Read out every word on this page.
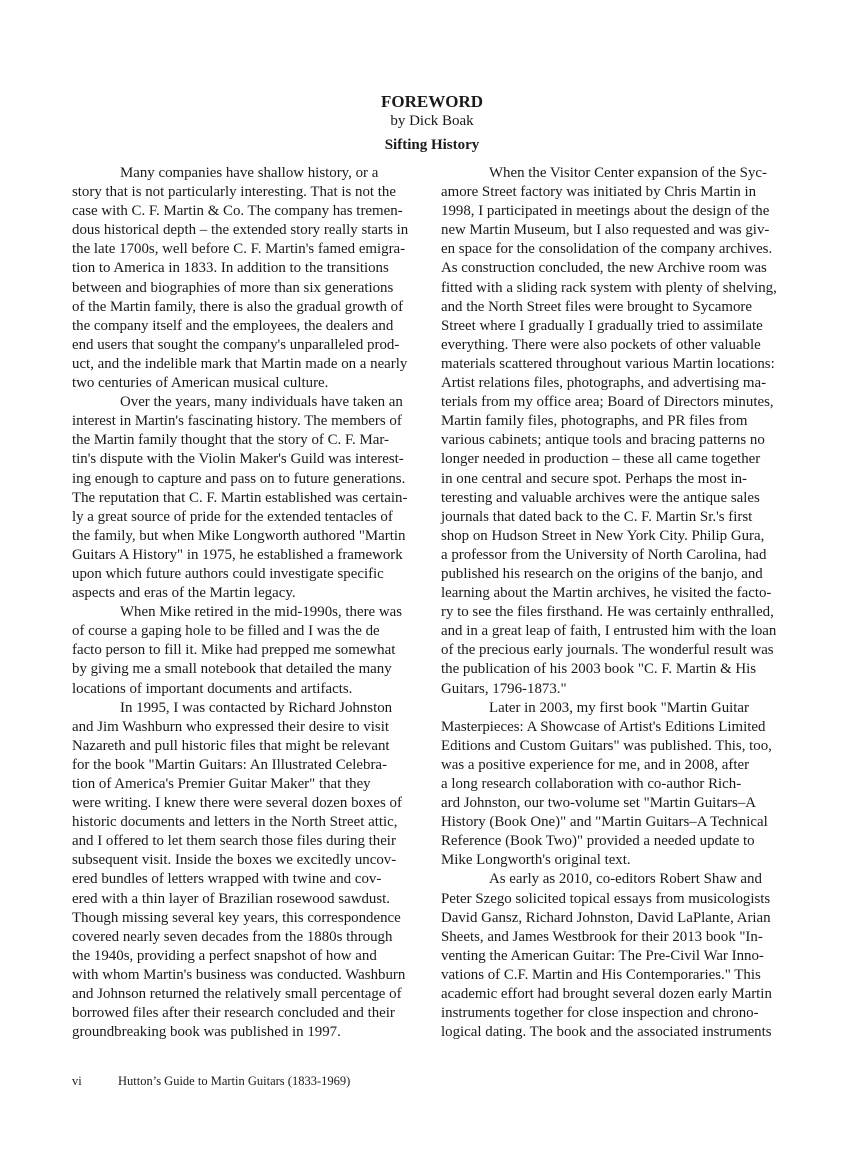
FOREWORD
by Dick Boak
Sifting History

Many companies have shallow history, or a
story that is not particularly interesting. That is not the
case with C. F. Martin & Co. The company has tremen-
dous historical depth – the extended story really starts in
the late 1700s, well before C. F. Martin's famed emigra-
tion to America in 1833. In addition to the transitions
between and biographies of more than six generations
of the Martin family, there is also the gradual growth of
the company itself and the employees, the dealers and
end users that sought the company's unparalleled prod-
uct, and the indelible mark that Martin made on a nearly
two centuries of American musical culture.

Over the years, many individuals have taken an
interest in Martin's fascinating history. The members of
the Martin family thought that the story of C. F. Mar-
tin's dispute with the Violin Maker's Guild was interest-
ing enough to capture and pass on to future generations.
The reputation that C. F. Martin established was certain-
ly a great source of pride for the extended tentacles of
the family, but when Mike Longworth authored "Martin
Guitars A History" in 1975, he established a framework
upon which future authors could investigate specific
aspects and eras of the Martin legacy.

When Mike retired in the mid-1990s, there was
of course a gaping hole to be filled and I was the de
facto person to fill it. Mike had prepped me somewhat
by giving me a small notebook that detailed the many
locations of important documents and artifacts.

In 1995, I was contacted by Richard Johnston
and Jim Washburn who expressed their desire to visit
Nazareth and pull historic files that might be relevant
for the book "Martin Guitars: An Illustrated Celebra-
tion of America's Premier Guitar Maker" that they
were writing. I knew there were several dozen boxes of
historic documents and letters in the North Street attic,
and I offered to let them search those files during their
subsequent visit. Inside the boxes we excitedly uncov-
ered bundles of letters wrapped with twine and cov-
ered with a thin layer of Brazilian rosewood sawdust.
Though missing several key years, this correspondence
covered nearly seven decades from the 1880s through
the 1940s, providing a perfect snapshot of how and
with whom Martin's business was conducted. Washburn
and Johnson returned the relatively small percentage of
borrowed files after their research concluded and their
groundbreaking book was published in 1997.

When the Visitor Center expansion of the Syc-
amore Street factory was initiated by Chris Martin in
1998, I participated in meetings about the design of the
new Martin Museum, but I also requested and was giv-
en space for the consolidation of the company archives.
As construction concluded, the new Archive room was
fitted with a sliding rack system with plenty of shelving,
and the North Street files were brought to Sycamore
Street where I gradually I gradually tried to assimilate
everything. There were also pockets of other valuable
materials scattered throughout various Martin locations:
Artist relations files, photographs, and advertising ma-
terials from my office area; Board of Directors minutes,
Martin family files, photographs, and PR files from
various cabinets; antique tools and bracing patterns no
longer needed in production – these all came together
in one central and secure spot. Perhaps the most in-
teresting and valuable archives were the antique sales
journals that dated back to the C. F. Martin Sr.'s first
shop on Hudson Street in New York City. Philip Gura,
a professor from the University of North Carolina, had
published his research on the origins of the banjo, and
learning about the Martin archives, he visited the facto-
ry to see the files firsthand. He was certainly enthralled,
and in a great leap of faith, I entrusted him with the loan
of the precious early journals. The wonderful result was
the publication of his 2003 book "C. F. Martin & His
Guitars, 1796-1873."

Later in 2003, my first book "Martin Guitar
Masterpieces: A Showcase of Artist's Editions Limited
Editions and Custom Guitars" was published. This, too,
was a positive experience for me, and in 2008, after
a long research collaboration with co-author Rich-
ard Johnston, our two-volume set "Martin Guitars–A
History (Book One)" and "Martin Guitars–A Technical
Reference (Book Two)" provided a needed update to
Mike Longworth's original text.

As early as 2010, co-editors Robert Shaw and
Peter Szego solicited topical essays from musicologists
David Gansz, Richard Johnston, David LaPlante, Arian
Sheets, and James Westbrook for their 2013 book "In-
venting the American Guitar: The Pre-Civil War Inno-
vations of C.F. Martin and His Contemporaries." This
academic effort had brought several dozen early Martin
instruments together for close inspection and chrono-
logical dating. The book and the associated instruments

vi	Hutton’s Guide to Martin Guitars (1833-1969)
